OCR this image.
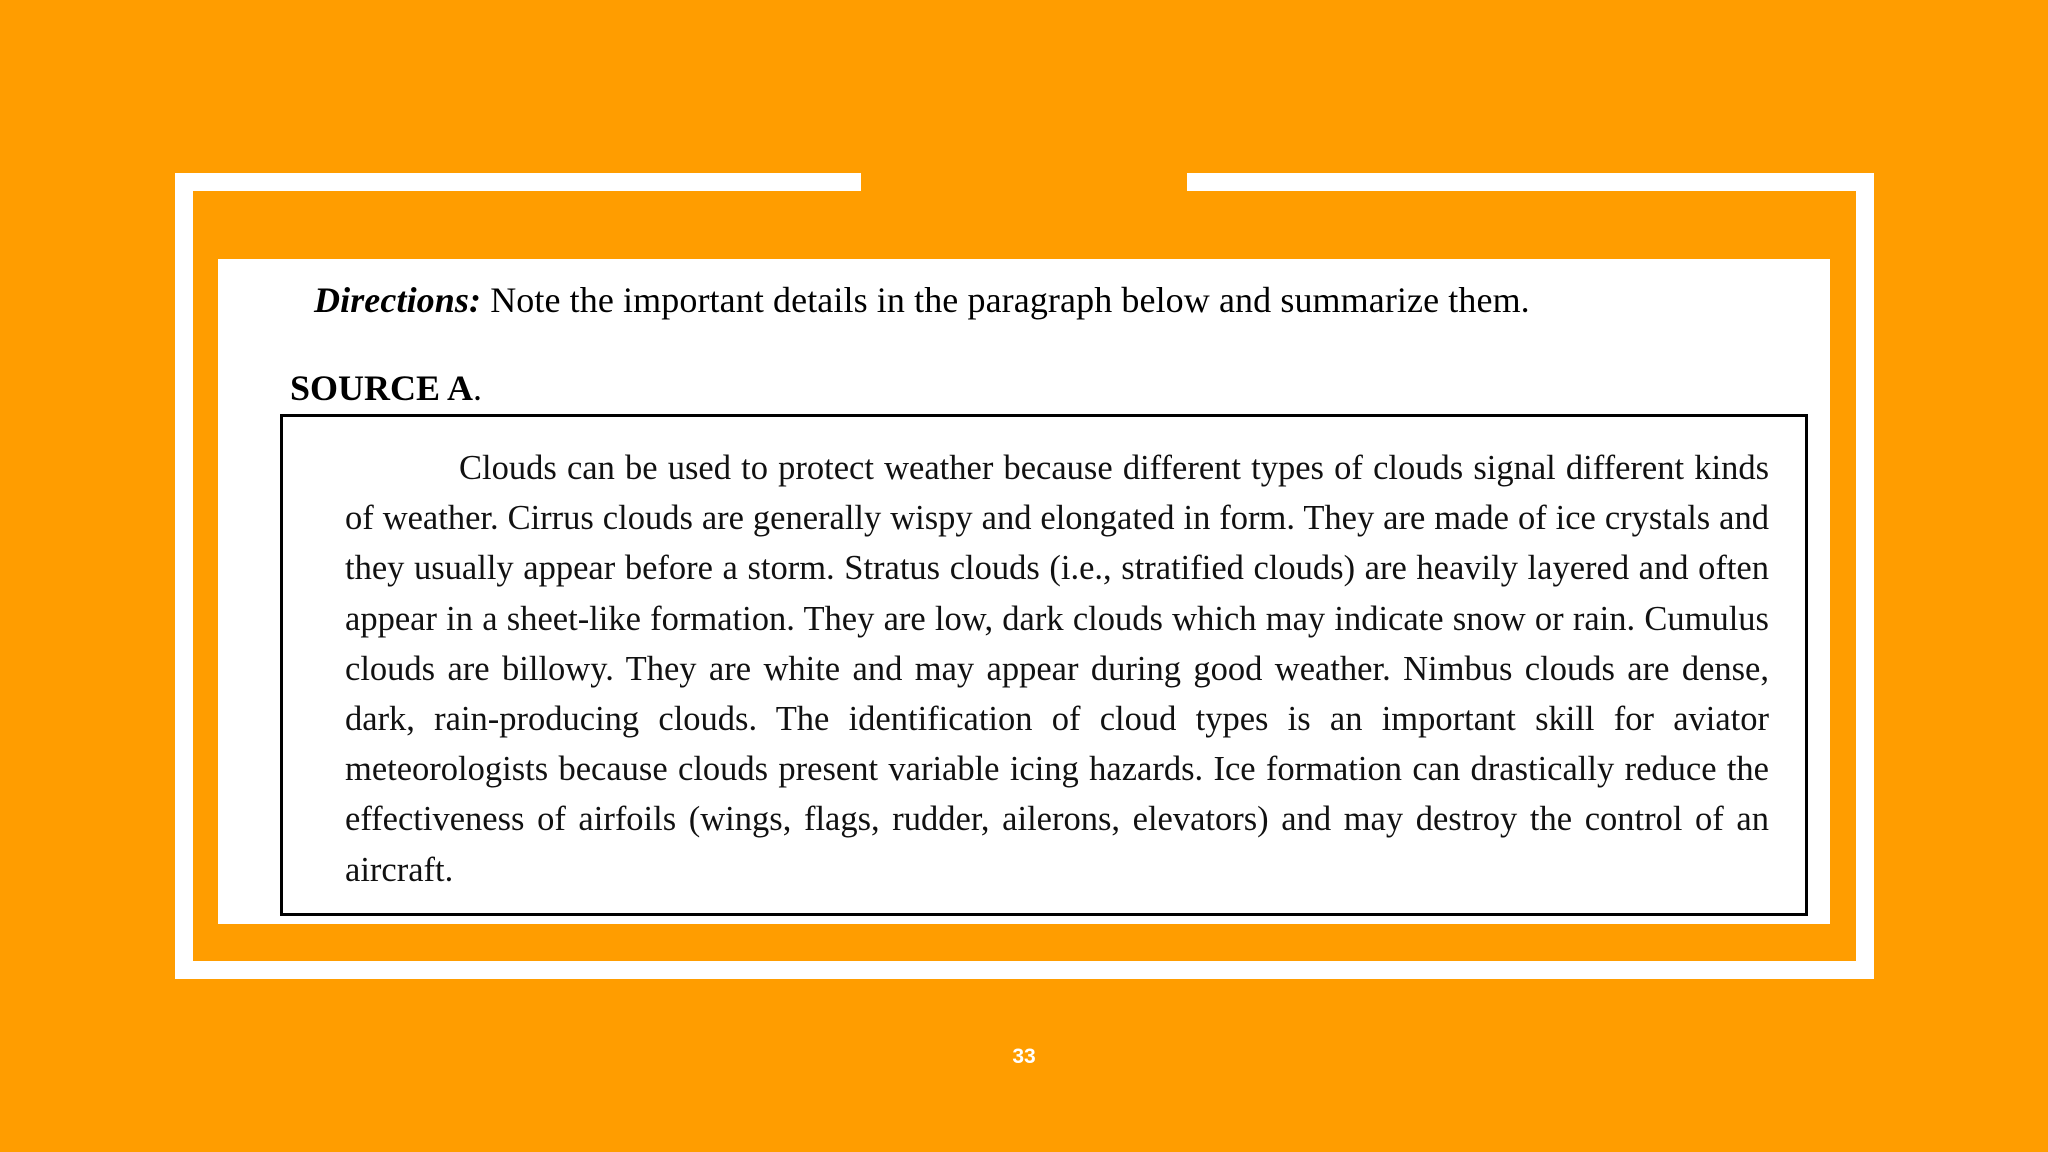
Directions: Note the important details in the paragraph below and summarize them.
SOURCE A.

Clouds can be used to protect weather because different types of clouds signal different kinds of weather. Cirrus clouds are generally wispy and elongated in form. They are made of ice crystals and they usually appear before a storm. Stratus clouds (i.e., stratified clouds) are heavily layered and often appear in a sheet-like formation. They are low, dark clouds which may indicate snow or rain. Cumulus clouds are billowy. They are white and may appear during good weather. Nimbus clouds are dense, dark, rain-producing clouds. The identification of cloud types is an important skill for aviator meteorologists because clouds present variable icing hazards. Ice formation can drastically reduce the effectiveness of airfoils (wings, flags, rudder, ailerons, elevators) and may destroy the control of an aircraft.

33
